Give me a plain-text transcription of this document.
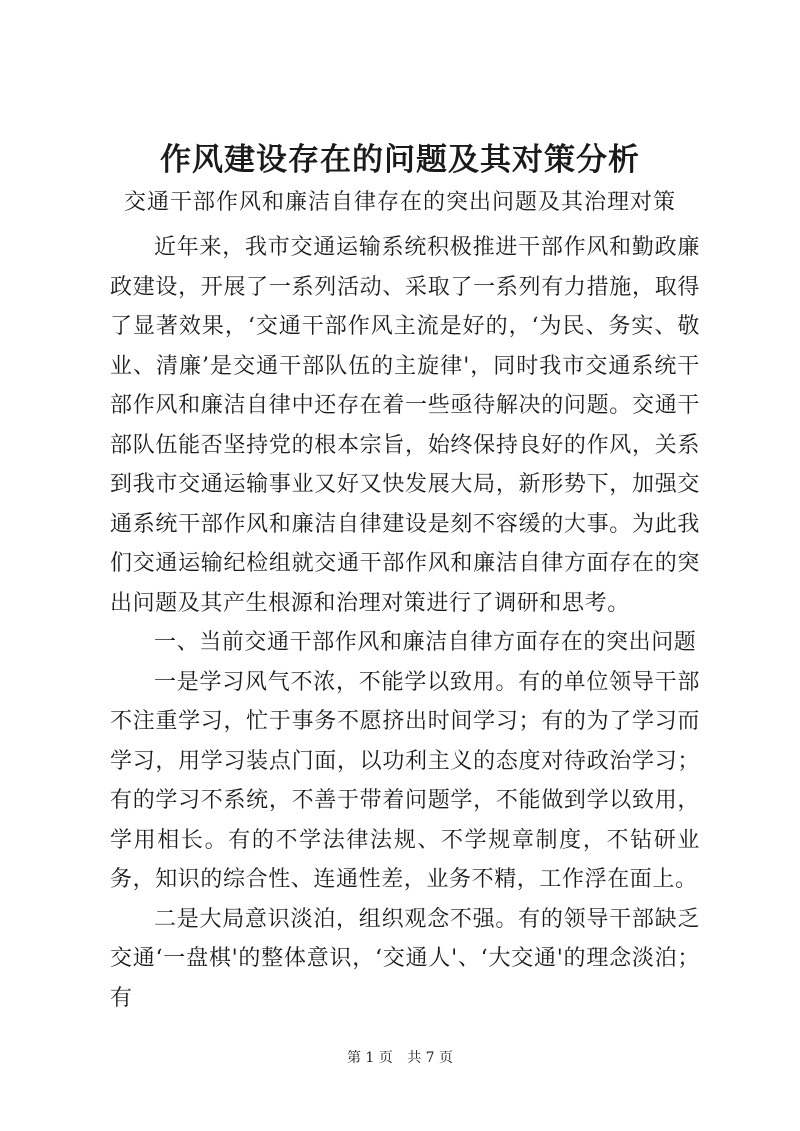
作风建设存在的问题及其对策分析

交通干部作风和廉洁自律存在的突出问题及其治理对策

近年来，我市交通运输系统积极推进干部作风和勤政廉政建设，开展了一系列活动、采取了一系列有力措施，取得了显著效果，‘交通干部作风主流是好的，‘为民、务实、敬业、清廉’是交通干部队伍的主旋律'，同时我市交通系统干部作风和廉洁自律中还存在着一些亟待解决的问题。交通干部队伍能否坚持党的根本宗旨，始终保持良好的作风，关系到我市交通运输事业又好又快发展大局，新形势下，加强交通系统干部作风和廉洁自律建设是刻不容缓的大事。为此我们交通运输纪检组就交通干部作风和廉洁自律方面存在的突出问题及其产生根源和治理对策进行了调研和思考。

一、当前交通干部作风和廉洁自律方面存在的突出问题

一是学习风气不浓，不能学以致用。有的单位领导干部不注重学习，忙于事务不愿挤出时间学习；有的为了学习而学习，用学习装点门面，以功利主义的态度对待政治学习；有的学习不系统，不善于带着问题学，不能做到学以致用，学用相长。有的不学法律法规、不学规章制度，不钻研业务，知识的综合性、连通性差，业务不精，工作浮在面上。

二是大局意识淡泊，组织观念不强。有的领导干部缺乏交通‘一盘棋'的整体意识，‘交通人'、‘大交通'的理念淡泊；有

第 1 页 共 7 页
